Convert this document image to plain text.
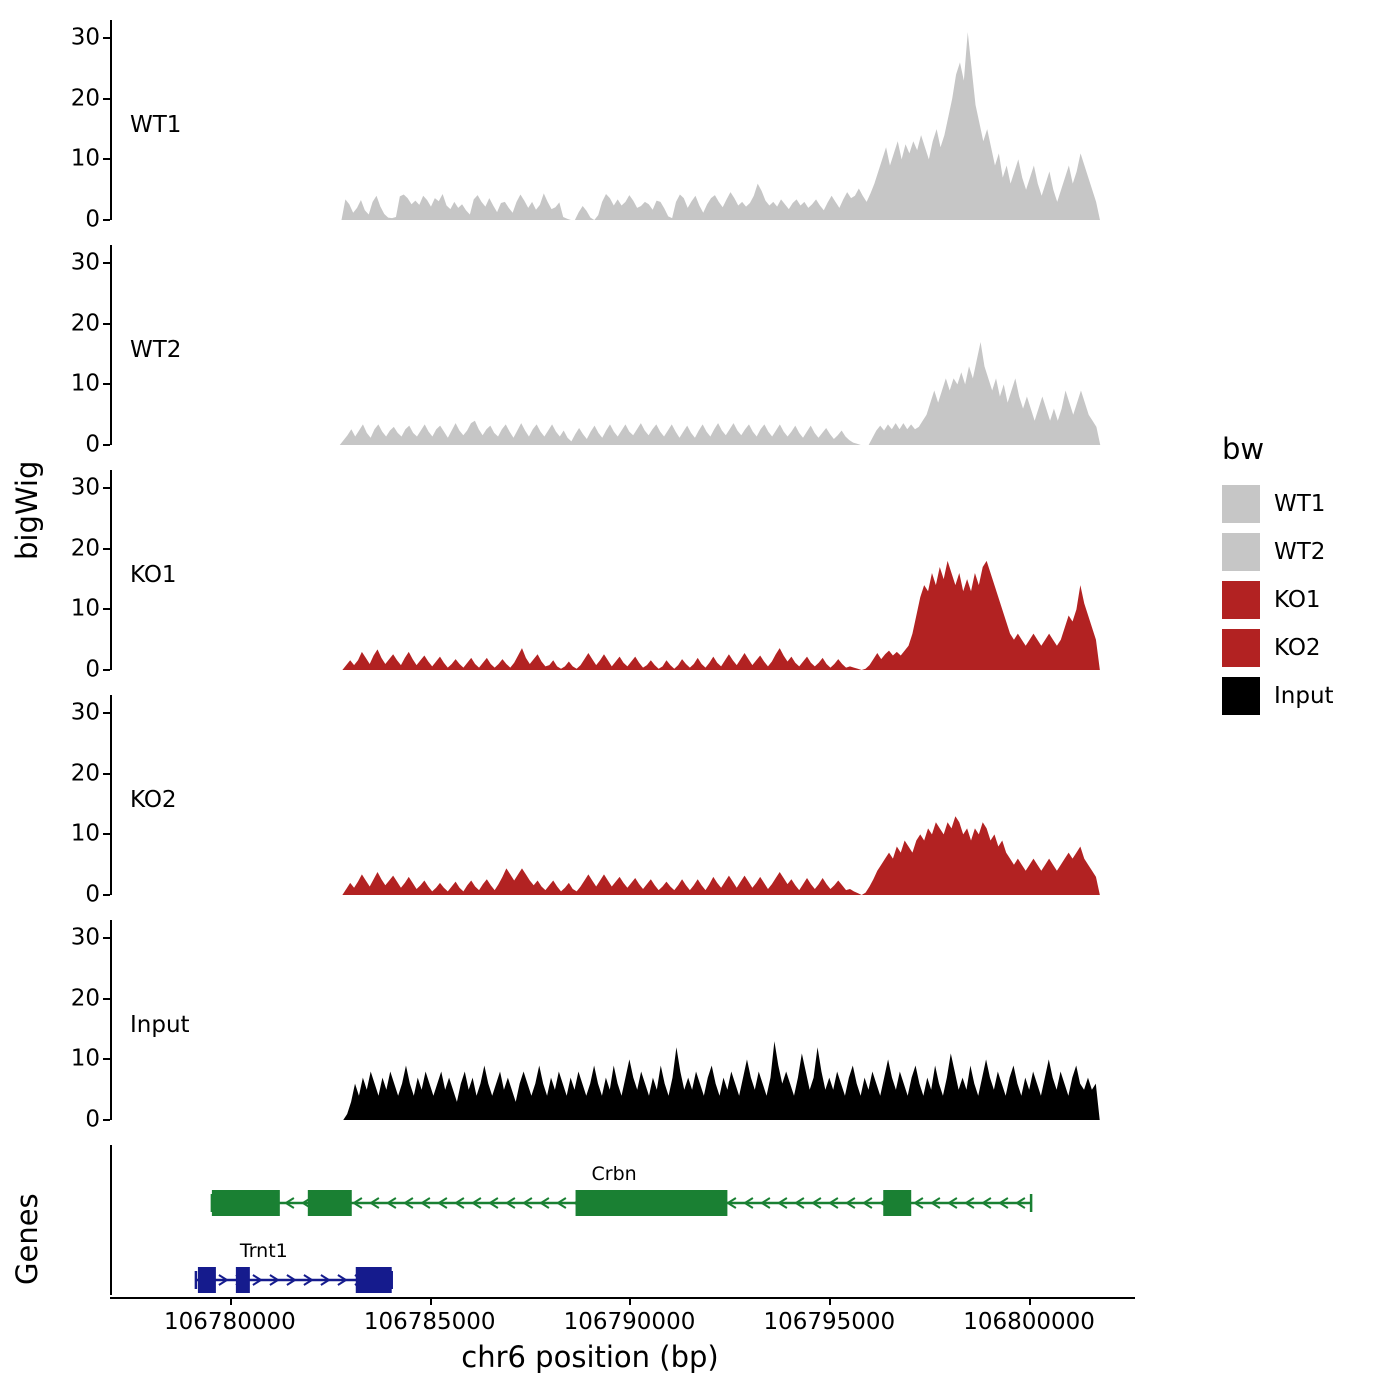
bigWig
Genes
0
10
20
30
WT1
0
10
20
30
WT2
0
10
20
30
KO1
0
10
20
30
KO2
0
10
20
30
Input
Crbn
Trnt1
106780000	106785000	106790000	106795000	106800000
chr6 position (bp)
bw
WT1
WT2
KO1
KO2
Input
